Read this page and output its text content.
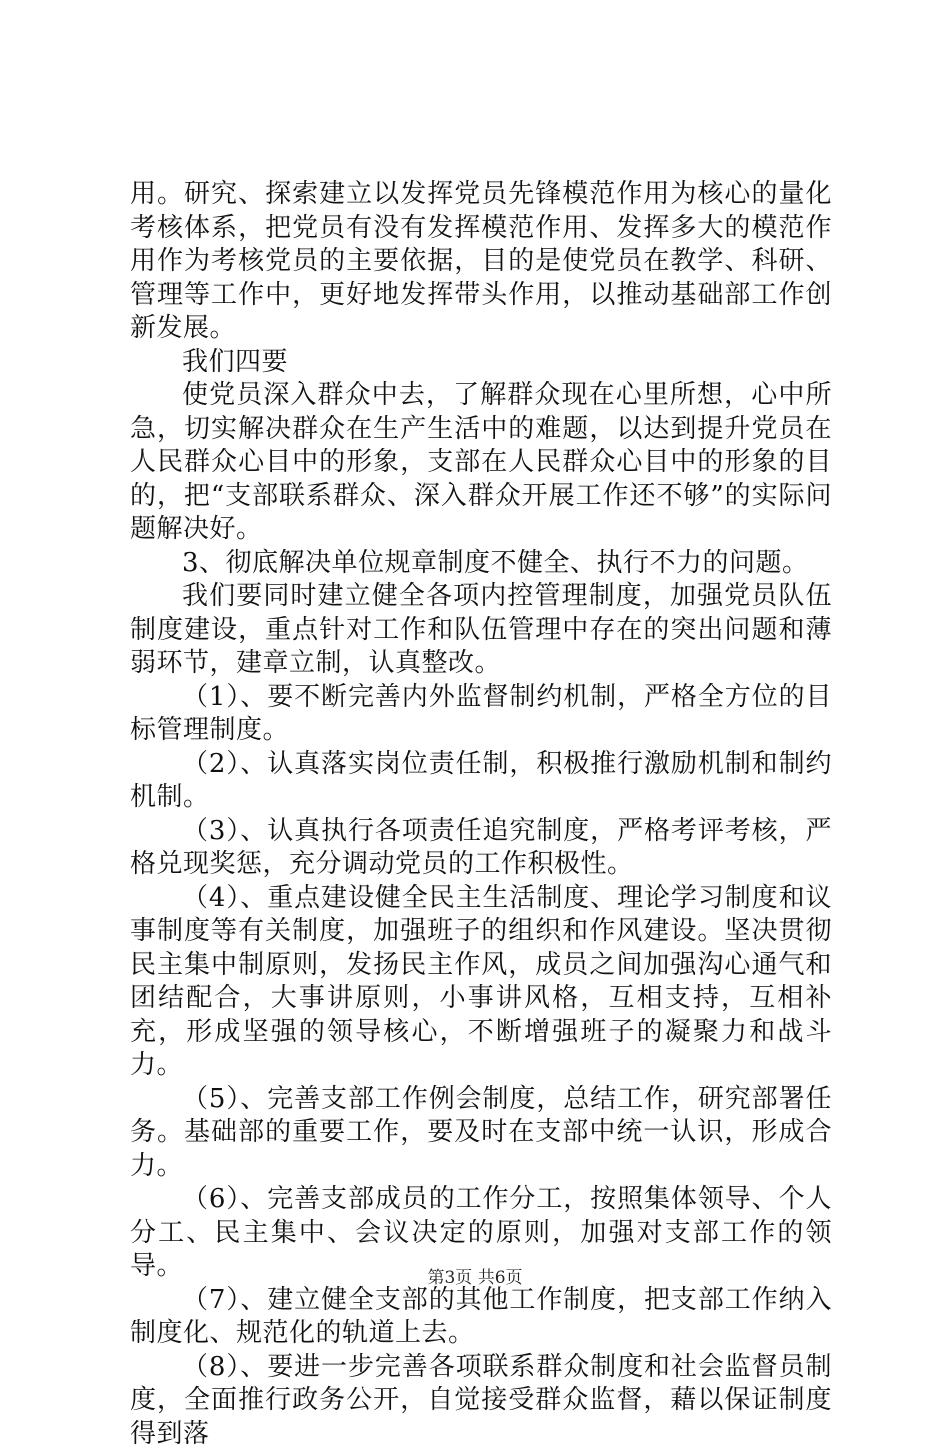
用。研究、探索建立以发挥党员先锋模范作用为核心的量化考核体系，把党员有没有发挥模范作用、发挥多大的模范作用作为考核党员的主要依据，目的是使党员在教学、科研、管理等工作中，更好地发挥带头作用，以推动基础部工作创新发展。

我们四要

使党员深入群众中去，了解群众现在心里所想，心中所急，切实解决群众在生产生活中的难题，以达到提升党员在人民群众心目中的形象，支部在人民群众心目中的形象的目的，把“支部联系群众、深入群众开展工作还不够”的实际问题解决好。

3、彻底解决单位规章制度不健全、执行不力的问题。

我们要同时建立健全各项内控管理制度，加强党员队伍制度建设，重点针对工作和队伍管理中存在的突出问题和薄弱环节，建章立制，认真整改。

（1）、要不断完善内外监督制约机制，严格全方位的目标管理制度。

（2）、认真落实岗位责任制，积极推行激励机制和制约机制。

（3）、认真执行各项责任追究制度，严格考评考核，严格兑现奖惩，充分调动党员的工作积极性。

（4）、重点建设健全民主生活制度、理论学习制度和议事制度等有关制度，加强班子的组织和作风建设。坚决贯彻民主集中制原则，发扬民主作风，成员之间加强沟心通气和团结配合，大事讲原则，小事讲风格，互相支持，互相补充，形成坚强的领导核心，不断增强班子的凝聚力和战斗力。

（5）、完善支部工作例会制度，总结工作，研究部署任务。基础部的重要工作，要及时在支部中统一认识，形成合力。

（6）、完善支部成员的工作分工，按照集体领导、个人分工、民主集中、会议决定的原则，加强对支部工作的领导。

（7）、建立健全支部的其他工作制度，把支部工作纳入制度化、规范化的轨道上去。

（8）、要进一步完善各项联系群众制度和社会监督员制度，全面推行政务公开，自觉接受群众监督，藉以保证制度得到落

第3页 共6页
